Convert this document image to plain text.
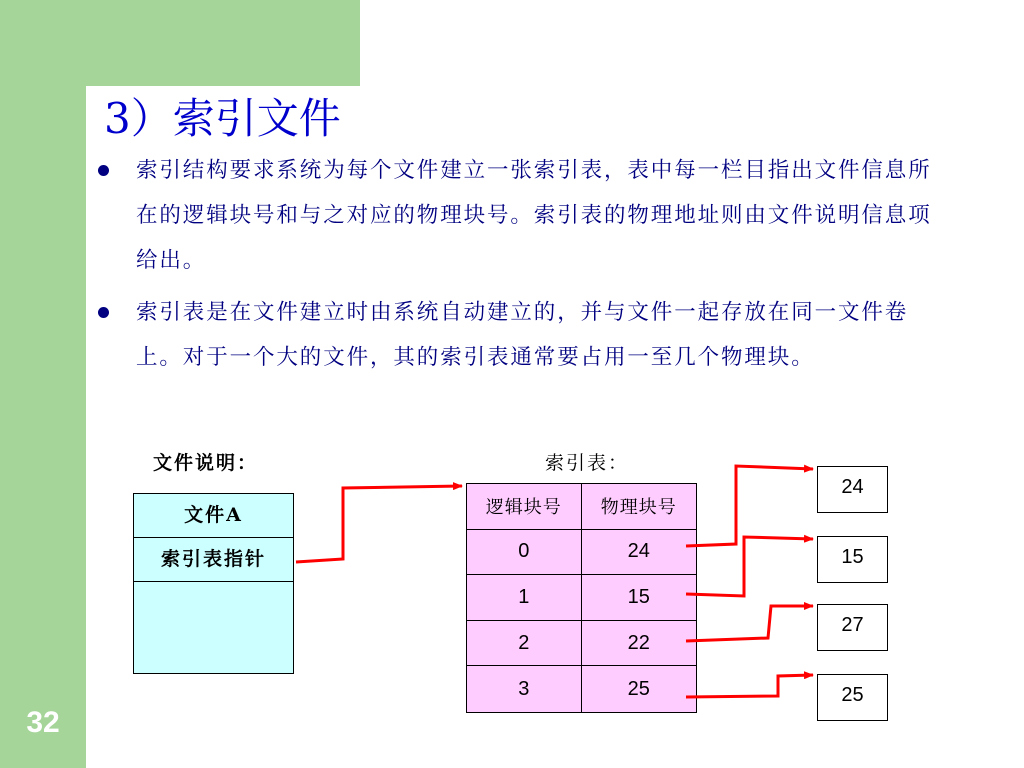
32
3）索引文件
索引结构要求系统为每个文件建立一张索引表，表中每一栏目指出文件信息所在的逻辑块号和与之对应的物理块号。索引表的物理地址则由文件说明信息项给出。
索引表是在文件建立时由系统自动建立的，并与文件一起存放在同一文件卷上。对于一个大的文件，其的索引表通常要占用一至几个物理块。
文件说明：	索引表：
文件A
索引表指针
逻辑块号	物理块号
0	24
1	15
2	22
3	25
24
15
27
25
